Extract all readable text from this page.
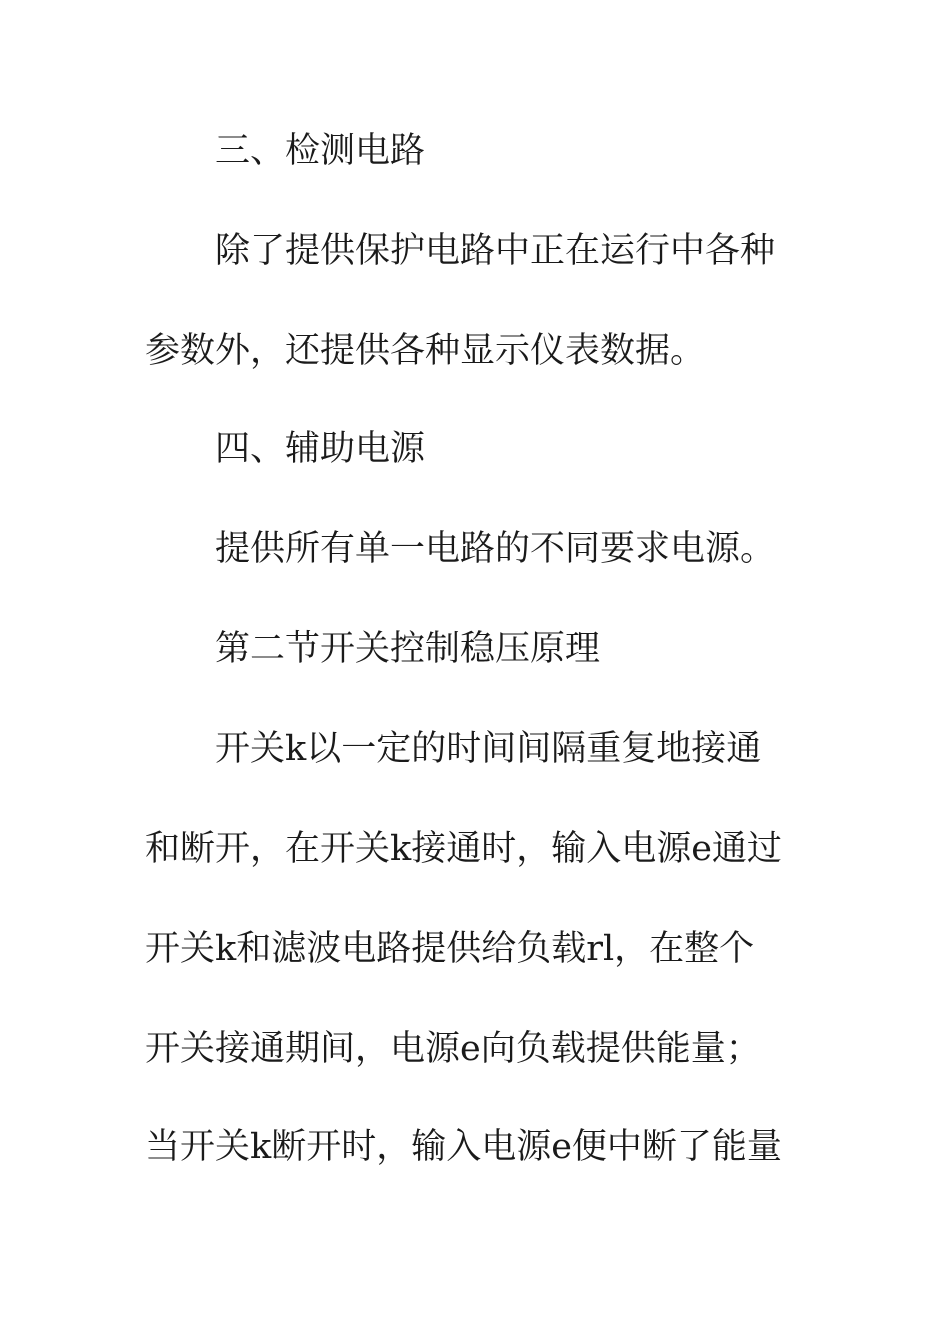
三、检测电路
除了提供保护电路中正在运行中各种
参数外，还提供各种显示仪表数据。
四、辅助电源
提供所有单一电路的不同要求电源。
第二节开关控制稳压原理
开关k以一定的时间间隔重复地接通
和断开，在开关k接通时，输入电源e通过
开关k和滤波电路提供给负载rl，在整个
开关接通期间，电源e向负载提供能量；
当开关k断开时，输入电源e便中断了能量
